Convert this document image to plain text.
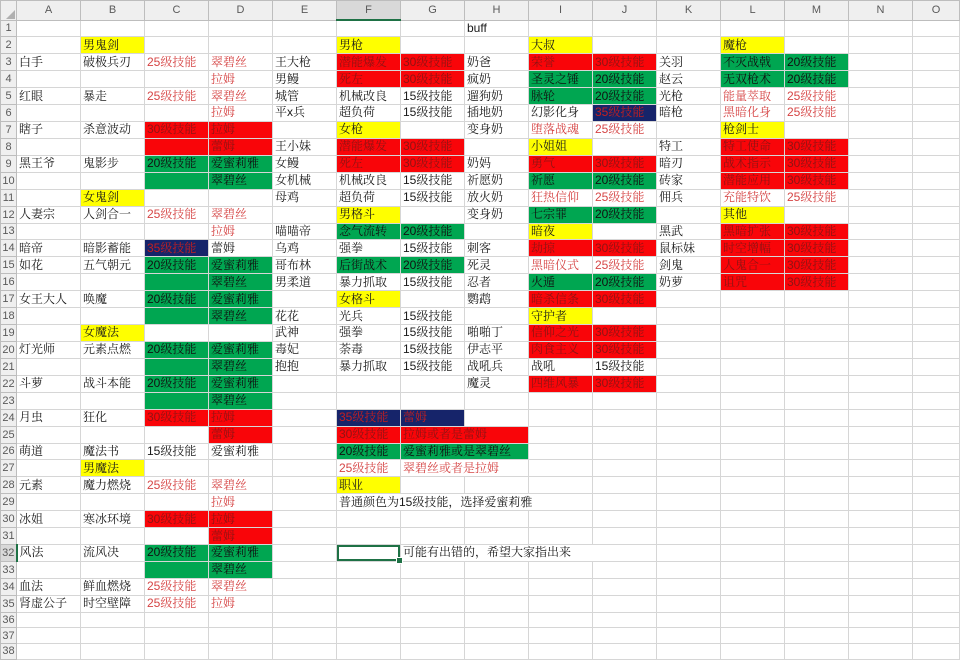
	A	B	C	D	E	F	G	H	I	J	K	L	M	N	O
1								buff							
2		男鬼剑				男枪			大叔			魔枪			
3	白手	破极兵刃	25级技能	翠碧丝	王大枪	潜能爆发	30级技能	奶爸	荣誉	30级技能	关羽	不灭战戟	20级技能		
4				拉姆	男鳗	死左	30级技能	疯奶	圣灵之锤	20级技能	赵云	无双枪术	20级技能		
5	红眼	暴走	25级技能	翠碧丝	城管	机械改良	15级技能	遛狗奶	脉轮	20级技能	光枪	能量萃取	25级技能		
6				拉姆	平x兵	超负荷	15级技能	插地奶	幻影化身	35级技能	暗枪	黑暗化身	25级技能		
7	瞎子	杀意波动	30级技能	拉姆		女枪		变身奶	堕落战魂	25级技能		枪剑士			
8				蕾姆	王小妹	潜能爆发	30级技能		小姐姐		特工	特工使命	30级技能		
9	黑王爷	鬼影步	20级技能	爱蜜莉雅	女鳗	死左	30级技能	奶妈	勇气	30级技能	暗刃	战术指示	30级技能		
10				翠碧丝	女机械	机械改良	15级技能	祈愿奶	祈愿	20级技能	砖家	潜能应用	30级技能		
11		女鬼剑			母鸡	超负荷	15级技能	放火奶	狂热信仰	25级技能	佣兵	充能特饮	25级技能		
12	人妻宗	人剑合一	25级技能	翠碧丝		男格斗		变身奶	七宗罪	20级技能		其他			
13				拉姆	喵喵帝	念气流转	20级技能		暗夜		黑武	黑暗扩张	30级技能		
14	暗帝	暗影蓄能	35级技能	蕾姆	乌鸡	强拳	15级技能	刺客	劫掠	30级技能	鼠标妹	时空增幅	30级技能		
15	如花	五气朝元	20级技能	爱蜜莉雅	哥布林	后街战术	20级技能	死灵	黑暗仪式	25级技能	剑鬼	人鬼合一	30级技能		
16				翠碧丝	男柔道	暴力抓取	15级技能	忍者	火遁	20级技能	奶萝	诅咒	30级技能		
17	女王大人	唤魔	20级技能	爱蜜莉雅		女格斗		鹦鹉	暗杀信条	30级技能					
18				翠碧丝	花花	光兵	15级技能		守护者						
19		女魔法			武神	强拳	15级技能	啪啪丁	信仰之光	30级技能					
20	灯光师	元素点燃	20级技能	爱蜜莉雅	毒妃	荼毒	15级技能	伊志平	肉食主义	30级技能					
21				翠碧丝	抱抱	暴力抓取	15级技能	战吼兵	战吼	15级技能					
22	斗萝	战斗本能	20级技能	爱蜜莉雅				魔灵	四维风暴	30级技能					
23				翠碧丝											
24	月虫	狂化	30级技能	拉姆		35级技能	蕾姆								
25				蕾姆		30级技能	拉姆或者是蕾姆								
26	萌道	魔法书	15级技能	爱蜜莉雅		20级技能	爱蜜莉雅或是翠碧丝								
27		男魔法				25级技能	翠碧丝或者是拉姆								
28	元素	魔力燃烧	25级技能	翠碧丝		职业									
29				拉姆		普通颜色为15级技能，选择爱蜜莉雅									
30	冰姐	寒冰环境	30级技能	拉姆											
31				蕾姆											
32	风法	流风决	20级技能	爱蜜莉雅			可能有出错的，希望大家指出来								
33				翠碧丝											
34	血法	鲜血燃烧	25级技能	翠碧丝											
35	肾虚公子	时空壁障	25级技能	拉姆											
36															
37															
38															
